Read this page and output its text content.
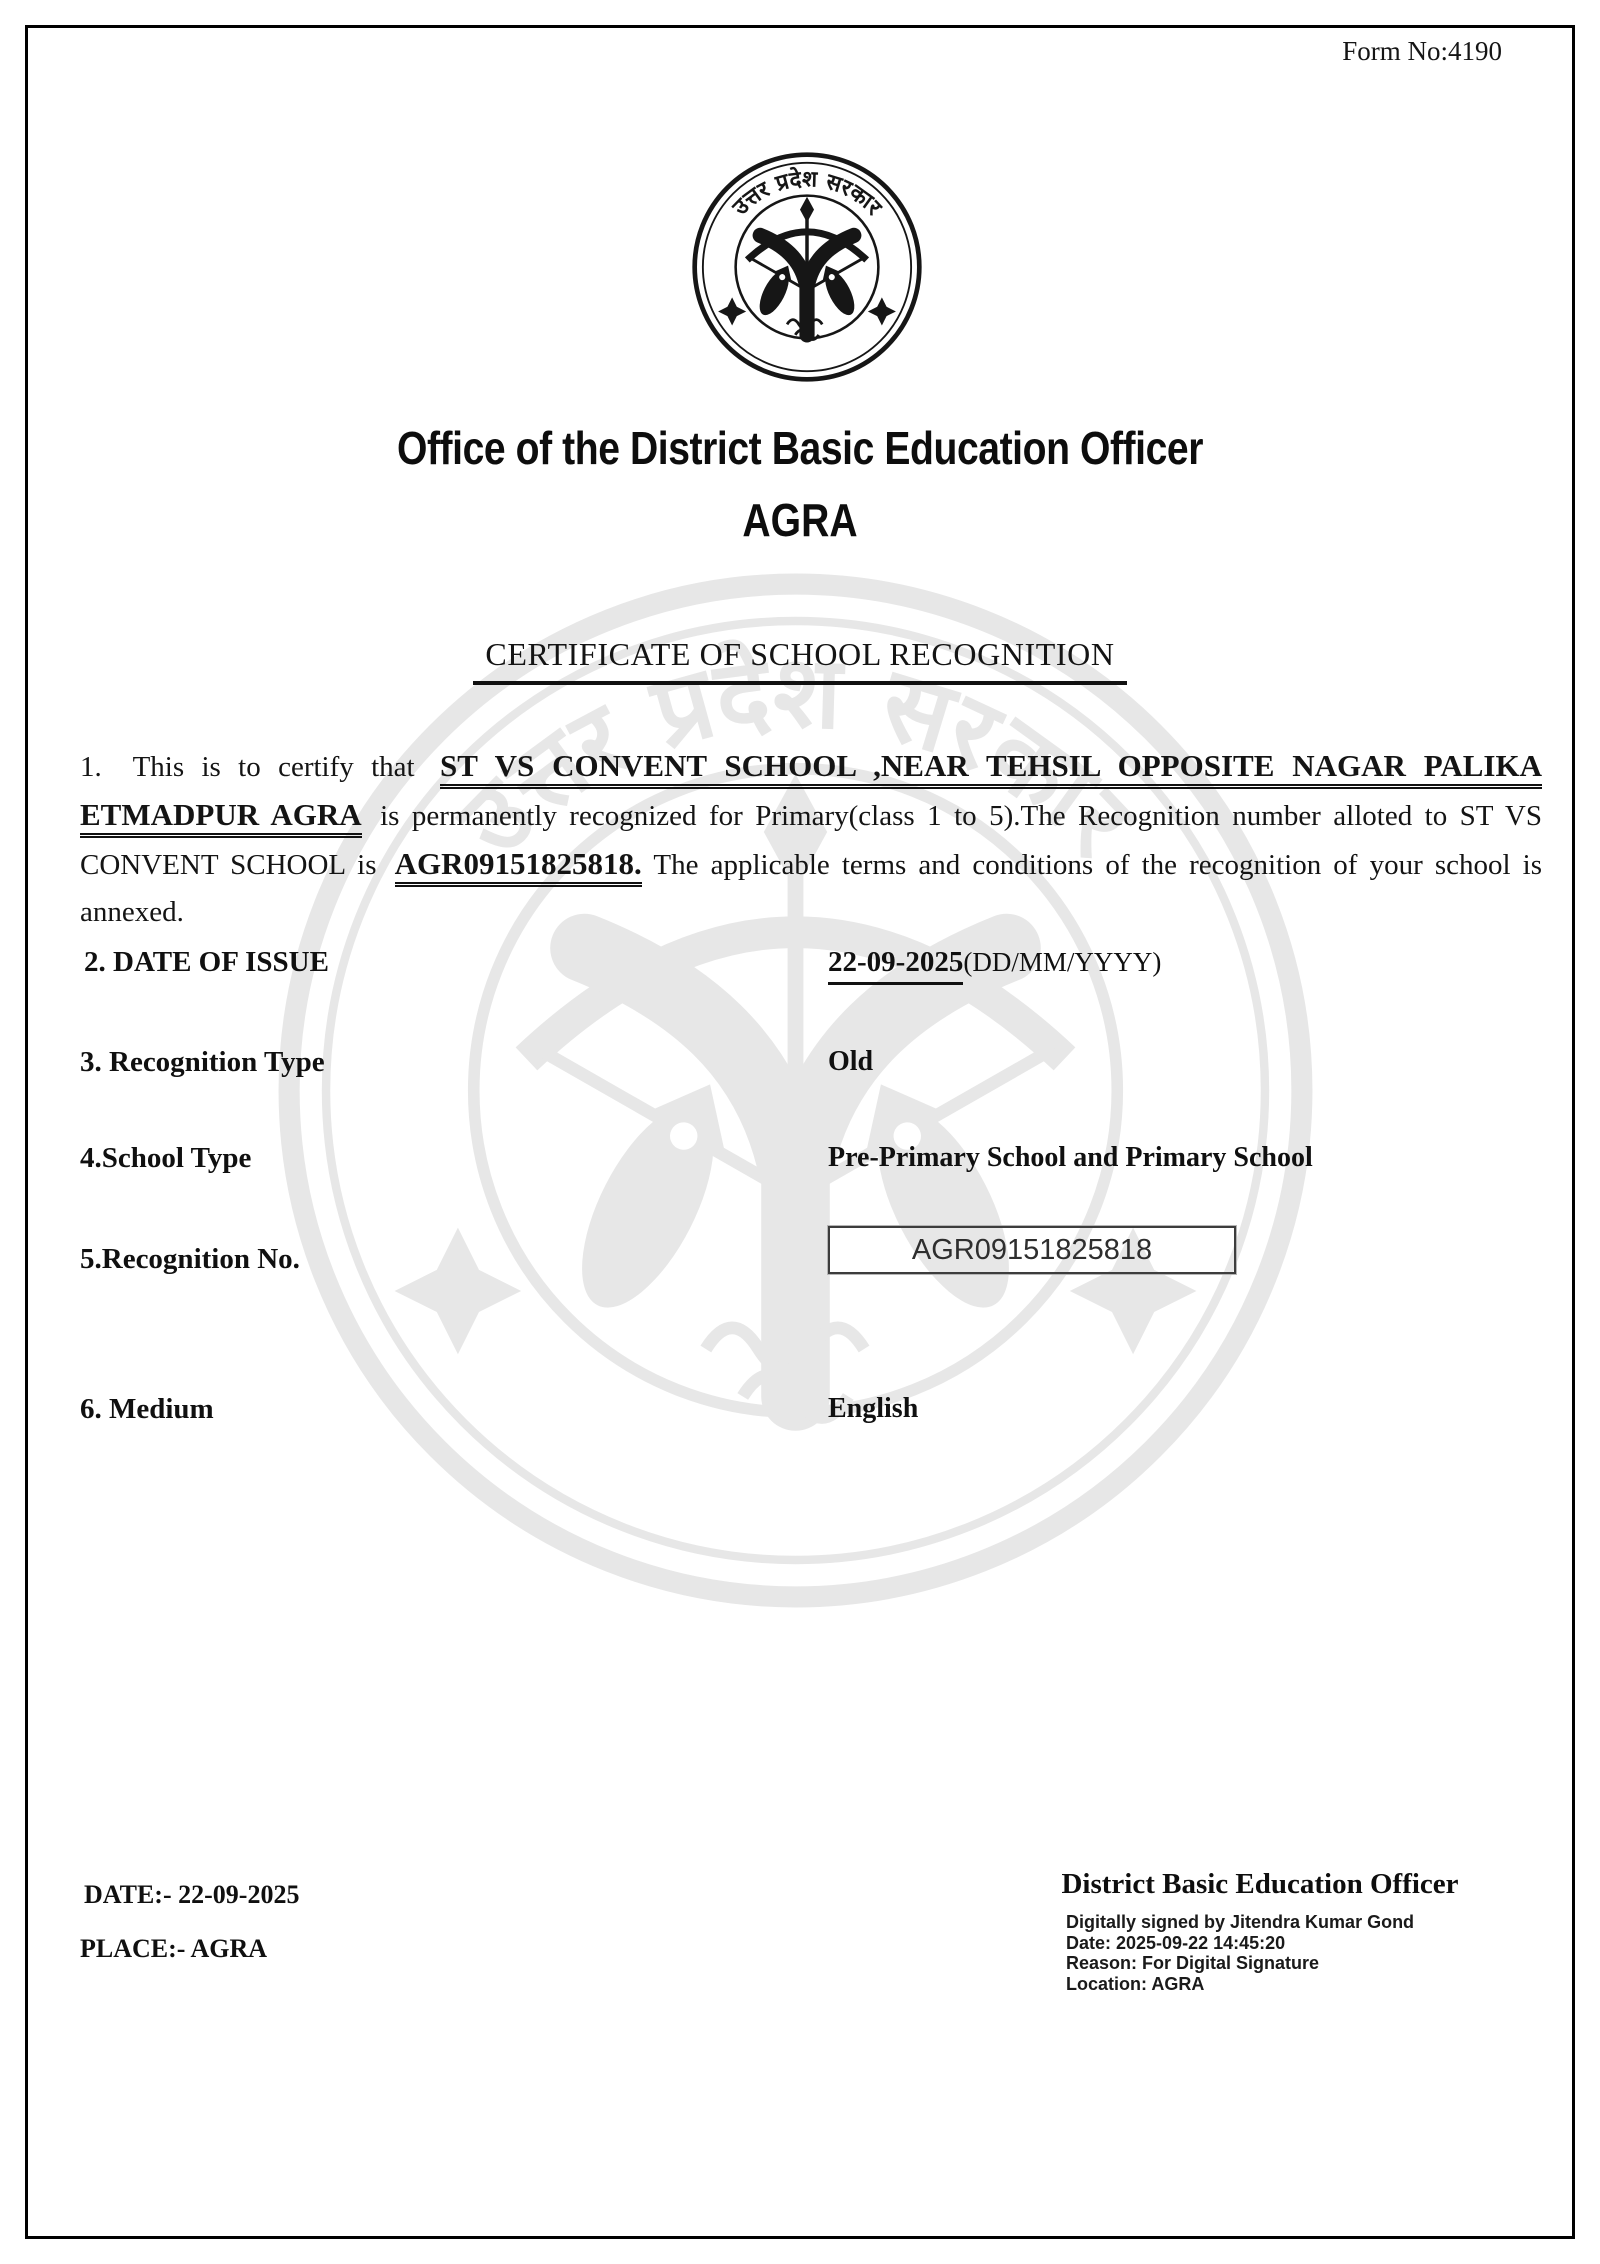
Form No:4190
Office of the District Basic Education Officer
AGRA
CERTIFICATE OF SCHOOL RECOGNITION

1. This is to certify that ST VS CONVENT SCHOOL ,NEAR TEHSIL OPPOSITE NAGAR PALIKA ETMADPUR AGRA is permanently recognized for Primary(class 1 to 5).The Recognition number alloted to ST VS CONVENT SCHOOL is AGR09151825818. The applicable terms and conditions of the recognition of your school is annexed.

2. DATE OF ISSUE	22-09-2025(DD/MM/YYYY)
3. Recognition Type	Old
4.School Type	Pre-Primary School and Primary School
5.Recognition No.	AGR09151825818
6. Medium	English
DATE:- 22-09-2025
PLACE:- AGRA
District Basic Education Officer
Digitally signed by Jitendra Kumar Gond
Date: 2025-09-22 14:45:20
Reason: For Digital Signature
Location: AGRA
